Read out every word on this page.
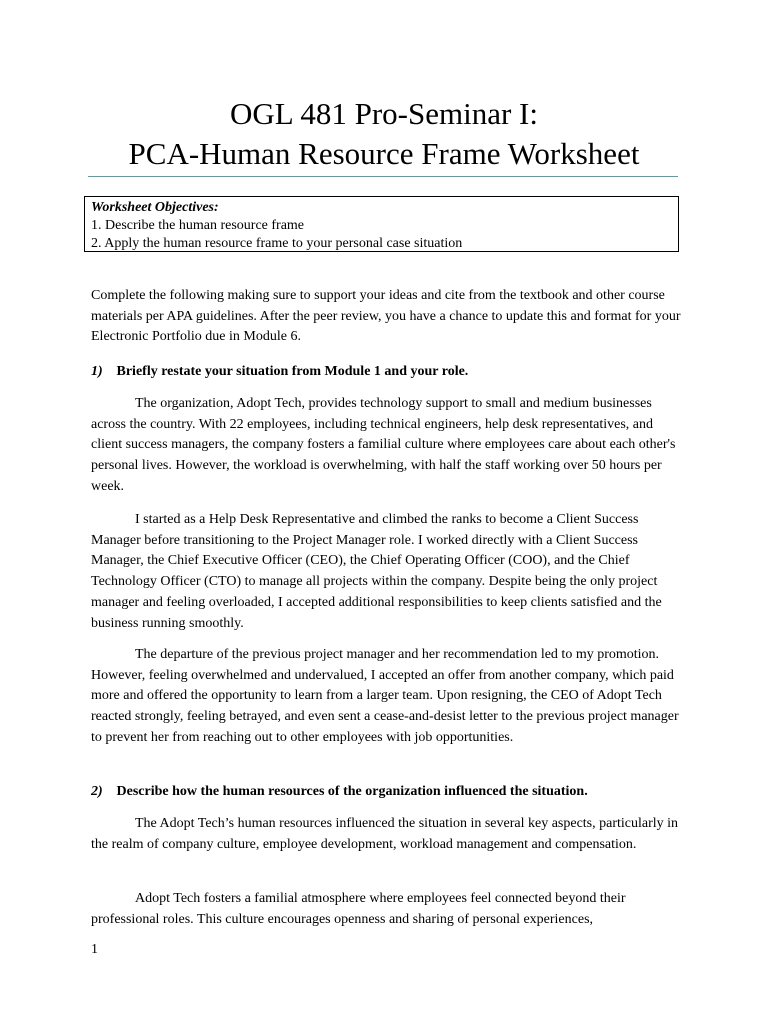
OGL 481 Pro-Seminar I:
PCA-Human Resource Frame Worksheet
Worksheet Objectives:
1. Describe the human resource frame
2. Apply the human resource frame to your personal case situation

Complete the following making sure to support your ideas and cite from the textbook and other course materials per APA guidelines. After the peer review, you have a chance to update this and format for your Electronic Portfolio due in Module 6.

1) Briefly restate your situation from Module 1 and your role.

The organization, Adopt Tech, provides technology support to small and medium businesses across the country. With 22 employees, including technical engineers, help desk representatives, and client success managers, the company fosters a familial culture where employees care about each other's personal lives. However, the workload is overwhelming, with half the staff working over 50 hours per week.

I started as a Help Desk Representative and climbed the ranks to become a Client Success Manager before transitioning to the Project Manager role. I worked directly with a Client Success Manager, the Chief Executive Officer (CEO), the Chief Operating Officer (COO), and the Chief Technology Officer (CTO) to manage all projects within the company. Despite being the only project manager and feeling overloaded, I accepted additional responsibilities to keep clients satisfied and the business running smoothly.

The departure of the previous project manager and her recommendation led to my promotion. However, feeling overwhelmed and undervalued, I accepted an offer from another company, which paid more and offered the opportunity to learn from a larger team. Upon resigning, the CEO of Adopt Tech reacted strongly, feeling betrayed, and even sent a cease-and-desist letter to the previous project manager to prevent her from reaching out to other employees with job opportunities.

2) Describe how the human resources of the organization influenced the situation.

The Adopt Tech’s human resources influenced the situation in several key aspects, particularly in the realm of company culture, employee development, workload management and compensation.

Adopt Tech fosters a familial atmosphere where employees feel connected beyond their professional roles. This culture encourages openness and sharing of personal experiences,

1
